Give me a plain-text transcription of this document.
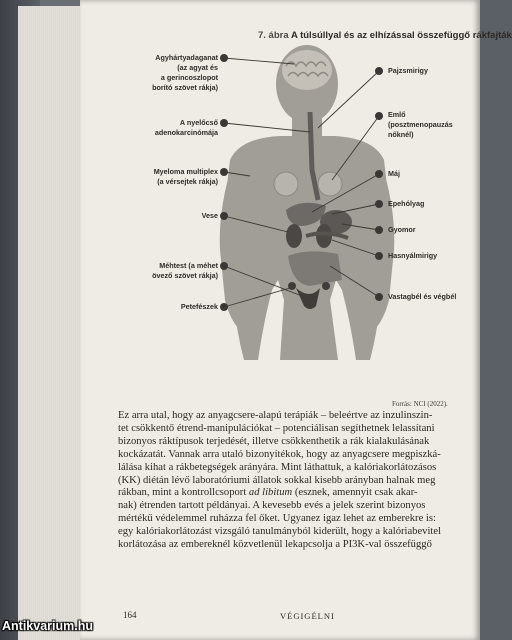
7. ábra A túlsúllyal és az elhízással összefüggő rákfajták
Agyhártyadaganat
(az agyat és
a gerincoszlopot
borító szövet rákja)
A nyelőcső
adenokarcinómája
Myeloma multiplex
(a vérsejtek rákja)
Vese
Méhtest (a méhet
övező szövet rákja)
Petefészek
Pajzsmirigy
Emlő
(posztmenopauzás
nőknél)
Máj
Epehólyag
Gyomor
Hasnyálmirigy
Vastagbél és végbél
Forrás: NCI (2022).

Ez arra utal, hogy az anyagcsere-alapú terápiák – beleértve az inzulinszin-

tet csökkentő étrend-manipulációkat – potenciálisan segíthetnek lelassítani

bizonyos ráktípusok terjedését, illetve csökkenthetik a rák kialakulásának

kockázatát. Vannak arra utaló bizonyítékok, hogy az anyagcsere megpiszká-

lálása kihat a rákbetegségek arányára. Mint láthattuk, a kalóriakorlátozásos

(KK) diétán lévő laboratóriumi állatok sokkal kisebb arányban halnak meg

rákban, mint a kontrollcsoport ad libitum (esznek, amennyit csak akar-

nak) étrenden tartott példányai. A kevesebb evés a jelek szerint bizonyos

mértékű védelemmel ruházza fel őket. Ugyanez igaz lehet az emberekre is:

egy kalóriakorlátozást vizsgáló tanulmányból kiderült, hogy a kalóriabevitel

korlátozása az embereknél közvetlenül lekapcsolja a PI3K-val összefüggő

164	VÉGIGÉLNI
Antikvarium.hu
